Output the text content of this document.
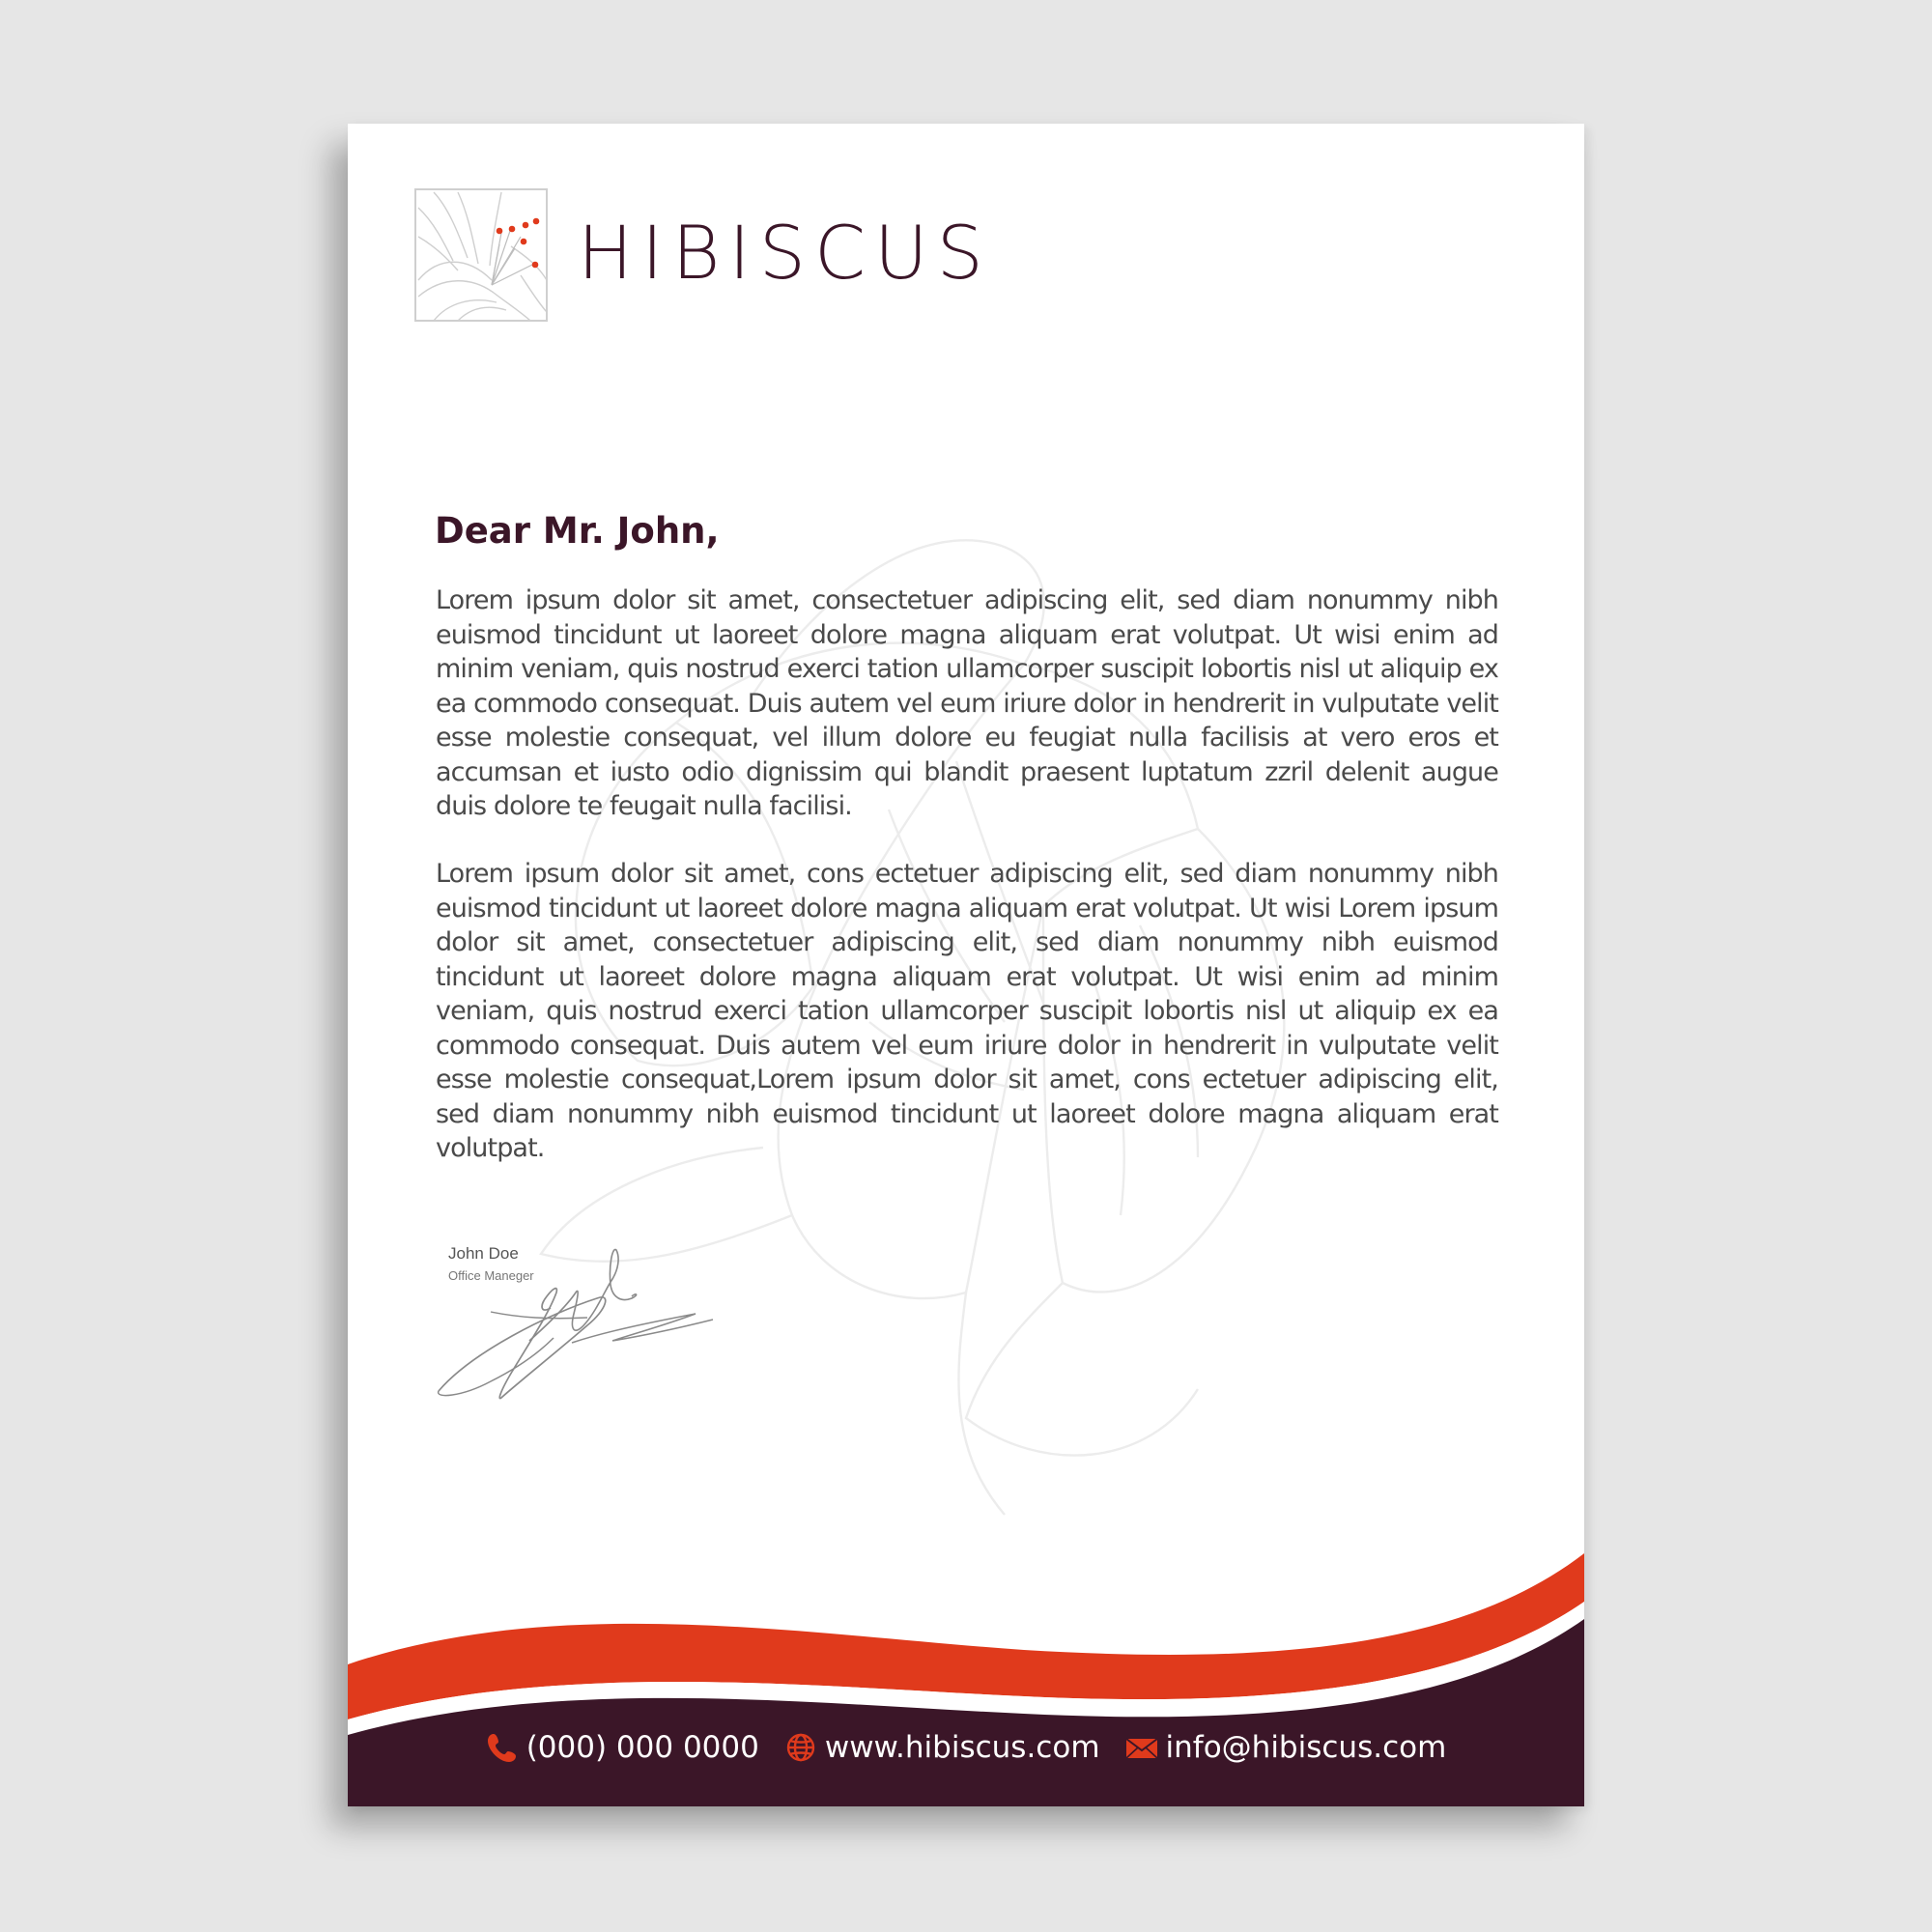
HIBISCUS
Dear Mr. John,

Lorem ipsum dolor sit amet, consectetuer adipiscing elit, sed diam nonummy nibh euismod tincidunt ut laoreet dolore magna aliquam erat volutpat. Ut wisi enim ad minim veniam, quis nostrud exerci tation ullamcorper suscipit lobortis nisl ut aliquip ex ea commodo consequat. Duis autem vel eum iriure dolor in hendrerit in vulputate velit esse molestie consequat, vel illum dolore eu feugiat nulla facilisis at vero eros et accumsan et iusto odio dignissim qui blandit praesent luptatum zzril delenit augue duis dolore te feugait nulla facilisi.

Lorem ipsum dolor sit amet, cons ectetuer adipiscing elit, sed diam nonummy nibh euismod tincidunt ut laoreet dolore magna aliquam erat volutpat. Ut wisi Lorem ipsum dolor sit amet, consectetuer adipiscing elit, sed diam nonummy nibh euismod tincidunt ut laoreet dolore magna aliquam erat volutpat. Ut wisi enim ad minim veniam, quis nostrud exerci tation ullamcorper suscipit lobortis nisl ut aliquip ex ea commodo consequat. Duis autem vel eum iriure dolor in hendrerit in vulputate velit esse molestie consequat,Lorem ipsum dolor sit amet, cons ectetuer adipiscing elit, sed diam nonummy nibh euismod tincidunt ut laoreet dolore magna aliquam erat volutpat.

John Doe
Office Maneger
(000) 000 0000 www.hibiscus.com info@hibiscus.com
